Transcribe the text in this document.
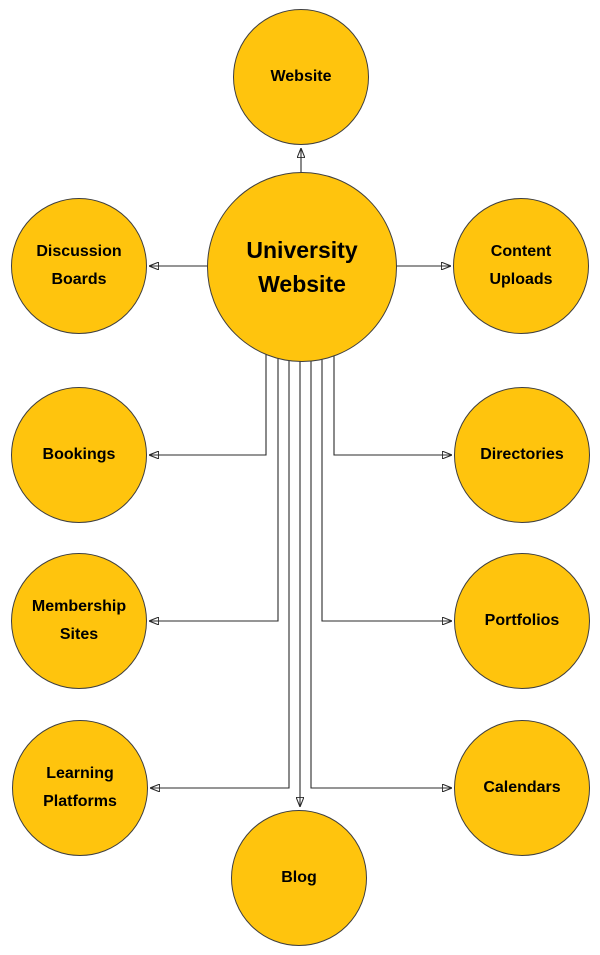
Website
Discussion Boards
Content Uploads
University Website
Bookings	Directories
Membership Sites
Portfolios
Learning Platforms
Calendars
Blog
